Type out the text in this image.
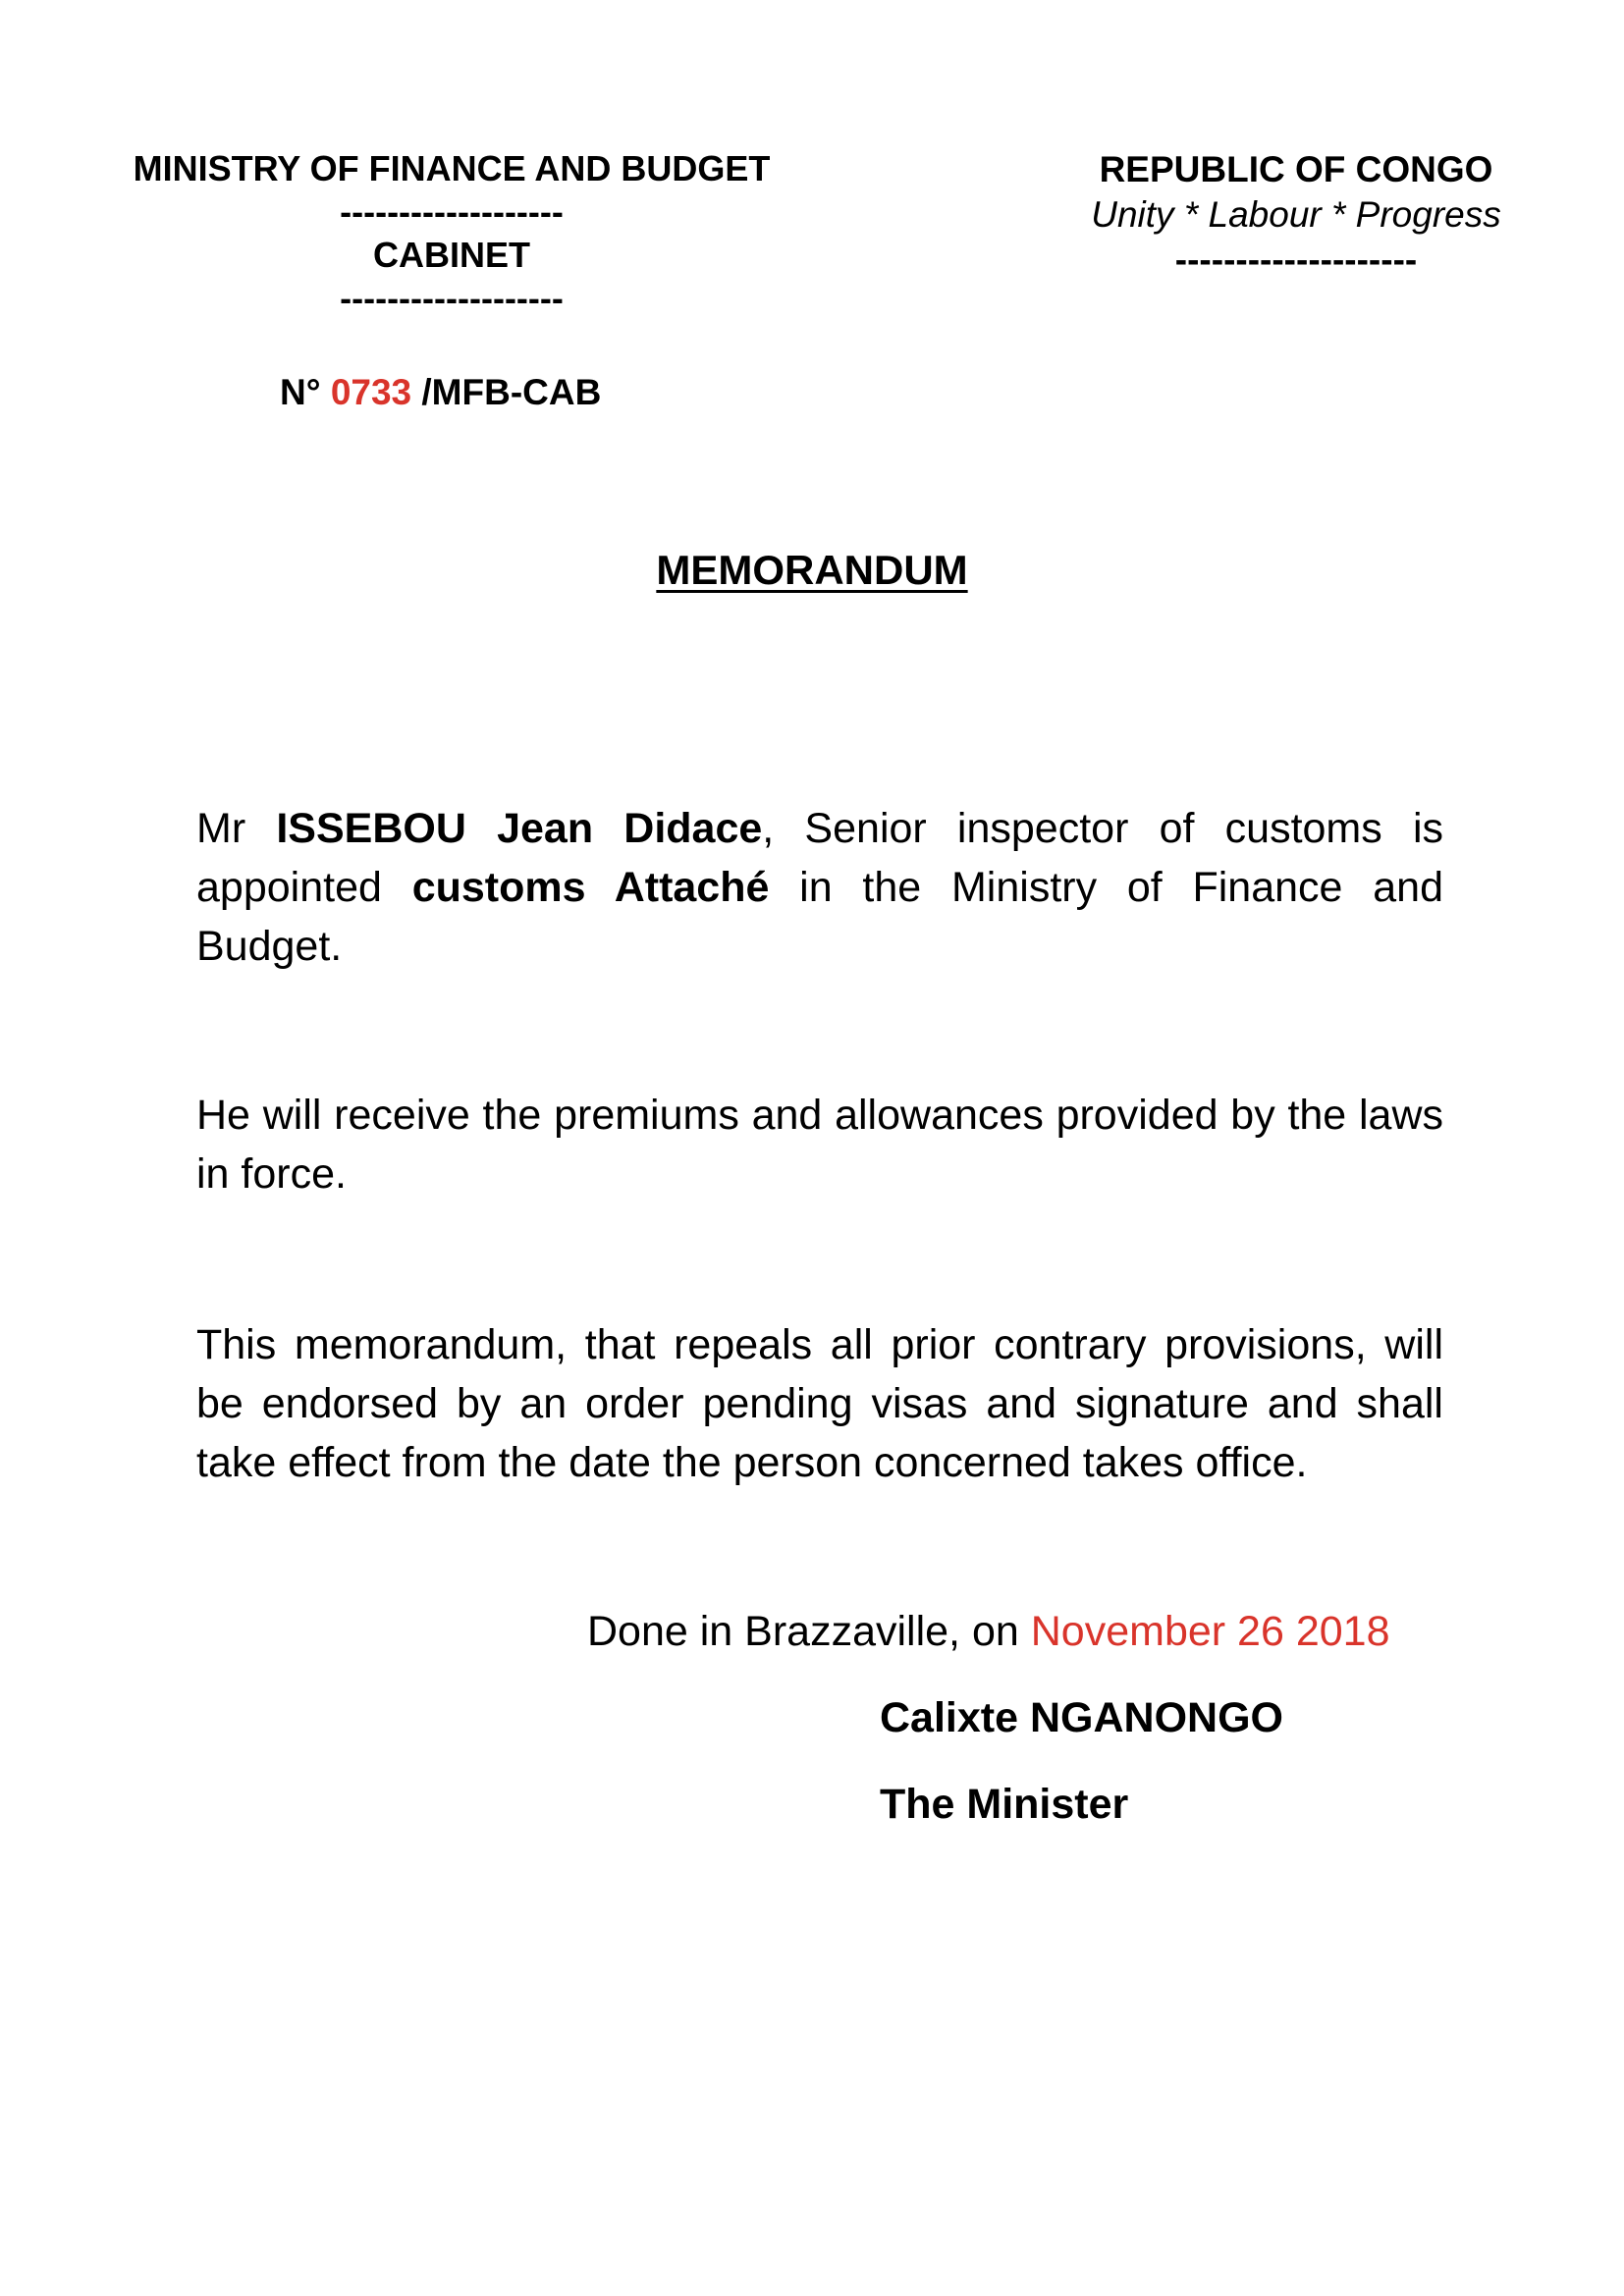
MINISTRY OF FINANCE AND BUDGET
-------------------
CABINET
-------------------
REPUBLIC OF CONGO
Unity * Labour * Progress
--------------------
N° 0733 /MFB-CAB
MEMORANDUM
Mr ISSEBOU Jean Didace, Senior inspector of customs is appointed customs Attaché in the Ministry of Finance and Budget.
He will receive the premiums and allowances provided by the laws in force.
This memorandum, that repeals all prior contrary provisions, will be endorsed by an order pending visas and signature and shall take effect from the date the person concerned takes office.
Done in Brazzaville, on November 26 2018
Calixte NGANONGO
The Minister
